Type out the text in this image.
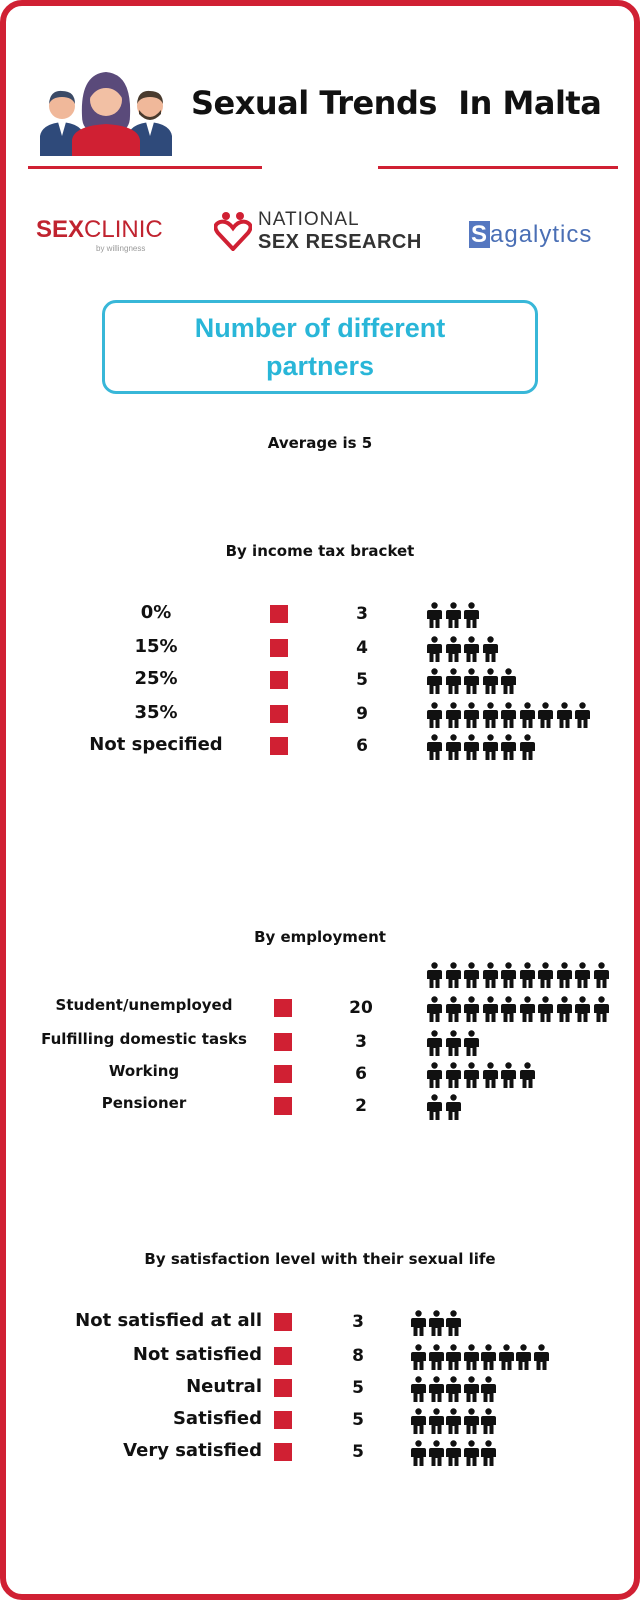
Sexual Trends  In Malta
SEXCLINIC
by willingness
NATIONAL
SEX RESEARCH Sagalytics
Number of different partners
Average is 5
By income tax bracket
0%	3
15%	4
25%	5
35%	9
Not specified	6
By employment
Student/unemployed	20
Fulfilling domestic tasks	3
Working	6
Pensioner	2
By satisfaction level with their sexual life
Not satisfied at all	3
Not satisfied	8
Neutral	5
Satisfied	5
Very satisfied	5
